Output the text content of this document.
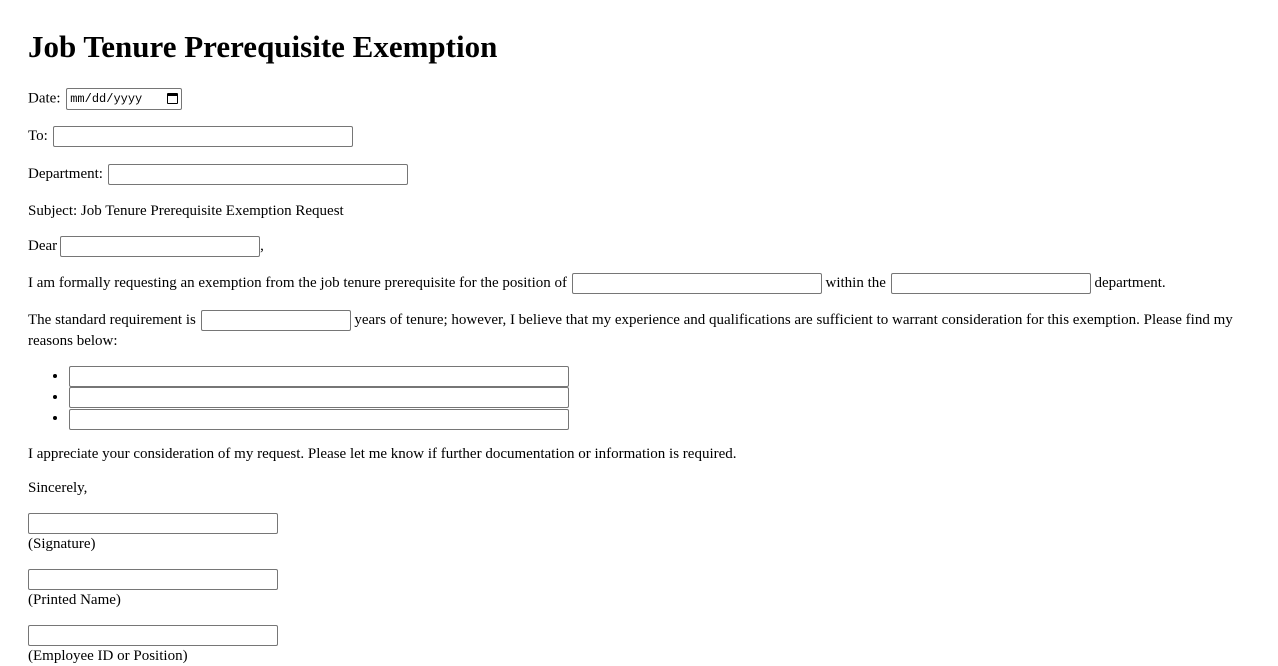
Job Tenure Prerequisite Exemption

Date: mm/dd/yyyy

To:

Department:

Subject: Job Tenure Prerequisite Exemption Request

Dear	,

I am formally requesting an exemption from the job tenure prerequisite for the position of	within the	department.

The standard requirement is	years of tenure; however, I believe that my experience and qualifications are sufficient to warrant consideration for this exemption. Please find my reasons below:

•
•
•

I appreciate your consideration of my request. Please let me know if further documentation or information is required.

Sincerely,

(Signature)

(Printed Name)

(Employee ID or Position)
